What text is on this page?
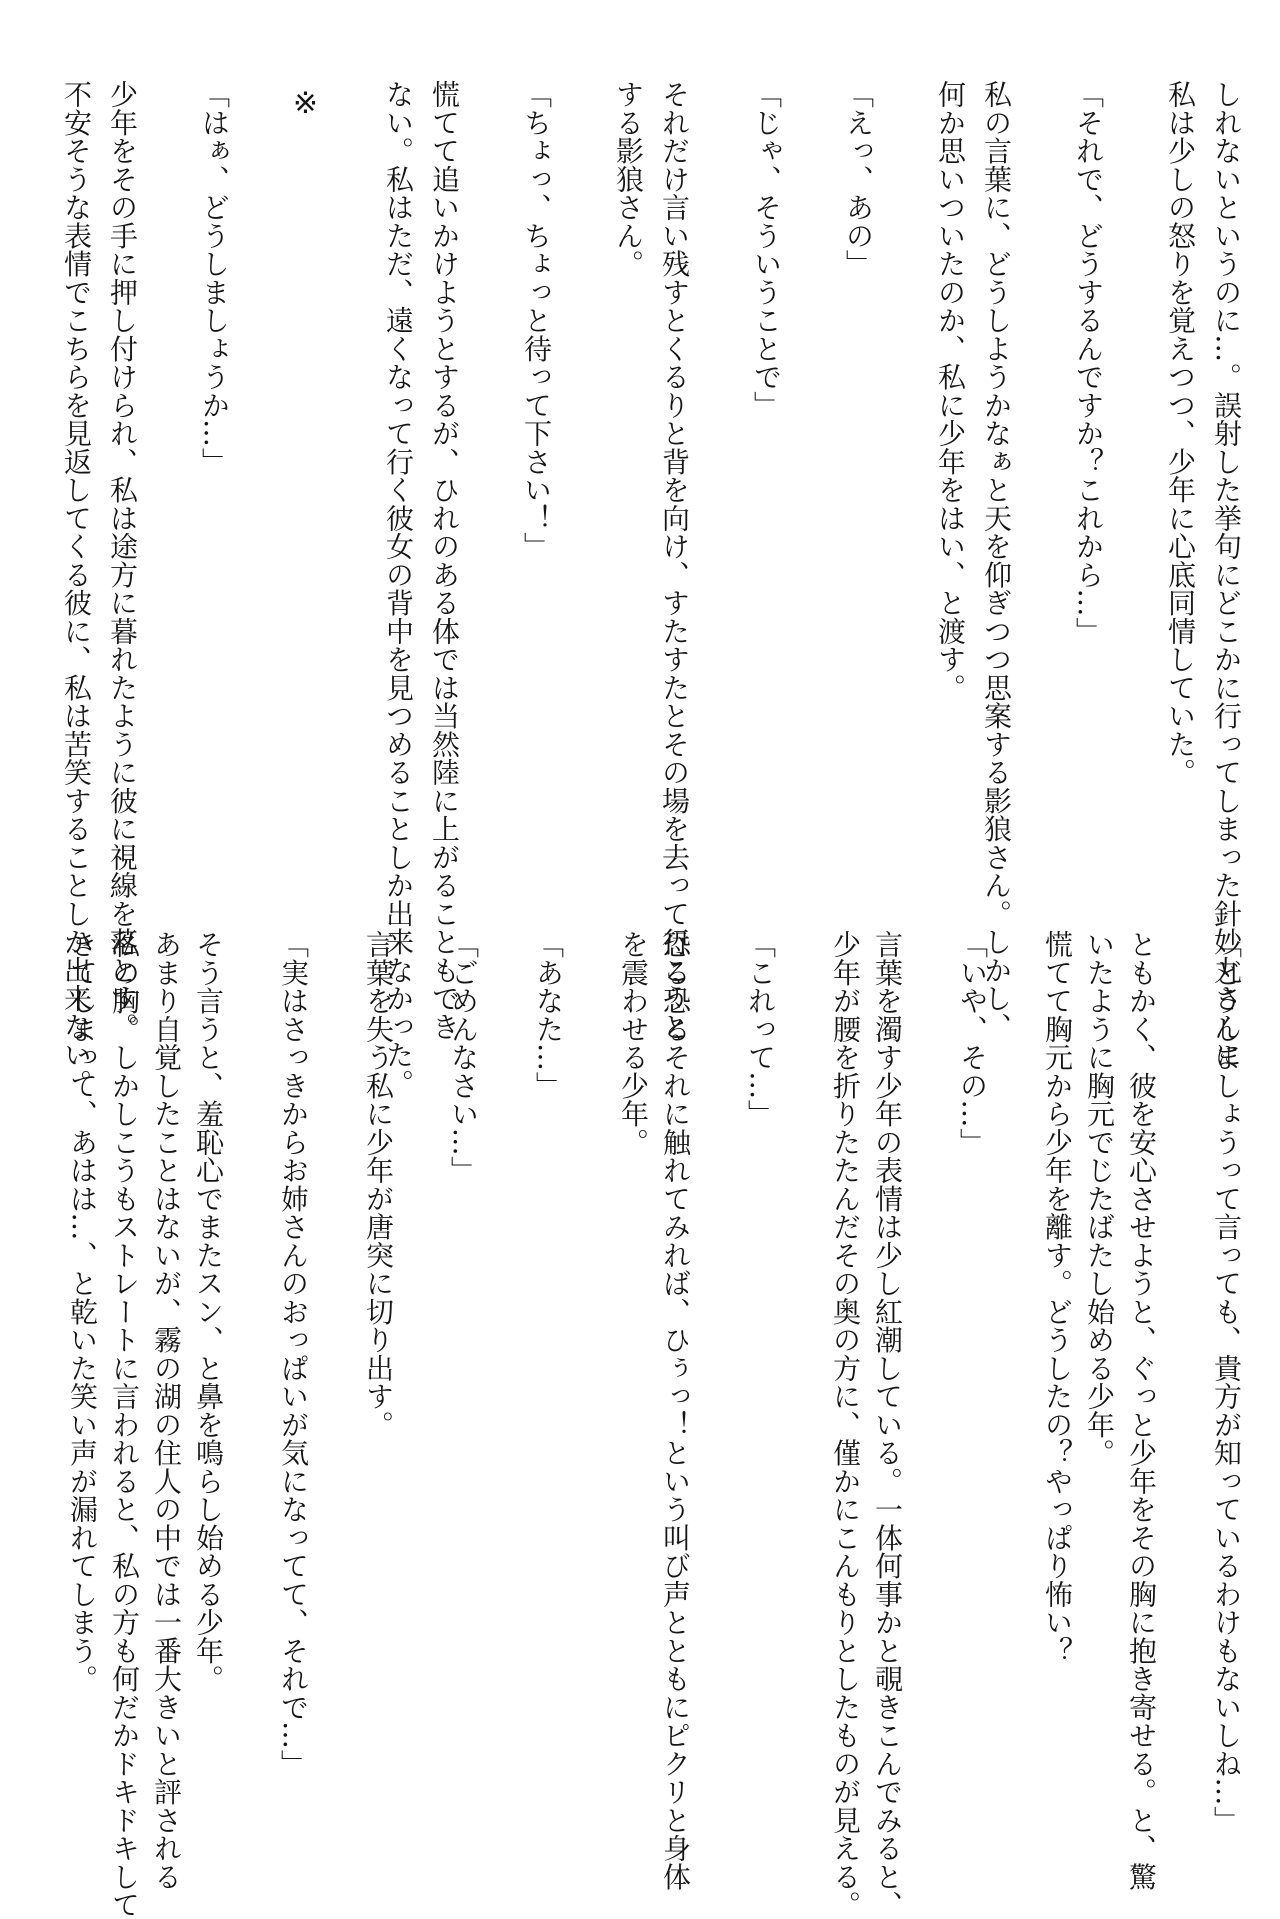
しれないというのに…。誤射した挙句にどこかに行ってしまった針妙丸さんに
私は少しの怒りを覚えつつ、少年に心底同情していた。
「それで、どうするんですか？これから…」
私の言葉に、どうしようかなぁと天を仰ぎつつ思案する影狼さん。しかし、
何か思いついたのか、私に少年をはい、と渡す。
「えっ、あの」
「じゃ、そういうことで」
それだけ言い残すとくるりと背を向け、すたすたとその場を去って行こうと
する影狼さん。
「ちょっ、ちょっと待って下さい！」
慌てて追いかけようとするが、ひれのある体では当然陸に上がることもでき
ない。私はただ、遠くなって行く彼女の背中を見つめることしか出来なかった。
※
「はぁ、どうしましょうか…」
少年をその手に押し付けられ、私は途方に暮れたように彼に視線を落とす。
不安そうな表情でこちらを見返してくる彼に、私は苦笑することしか出来ない。
「どうしましょうって言っても、貴方が知っているわけもないしね…」
ともかく、彼を安心させようと、ぐっと少年をその胸に抱き寄せる。と、驚
いたように胸元でじたばたし始める少年。
慌てて胸元から少年を離す。どうしたの？やっぱり怖い？
「いや、その…」
言葉を濁す少年の表情は少し紅潮している。一体何事かと覗きこんでみると、
少年が腰を折りたたんだその奥の方に、僅かにこんもりとしたものが見える。
「これって…」
恐る恐るそれに触れてみれば、ひぅっ！という叫び声とともにピクリと身体
を震わせる少年。
「あなた…」
「ごめんなさい…」
言葉を失う私に少年が唐突に切り出す。
「実はさっきからお姉さんのおっぱいが気になってて、それで…」
そう言うと、羞恥心でまたスン、と鼻を鳴らし始める少年。
あまり自覚したことはないが、霧の湖の住人の中では一番大きいと評される
私の胸。しかしこうもストレートに言われると、私の方も何だかドキドキして
きてしまって、あはは…、と乾いた笑い声が漏れてしまう。
